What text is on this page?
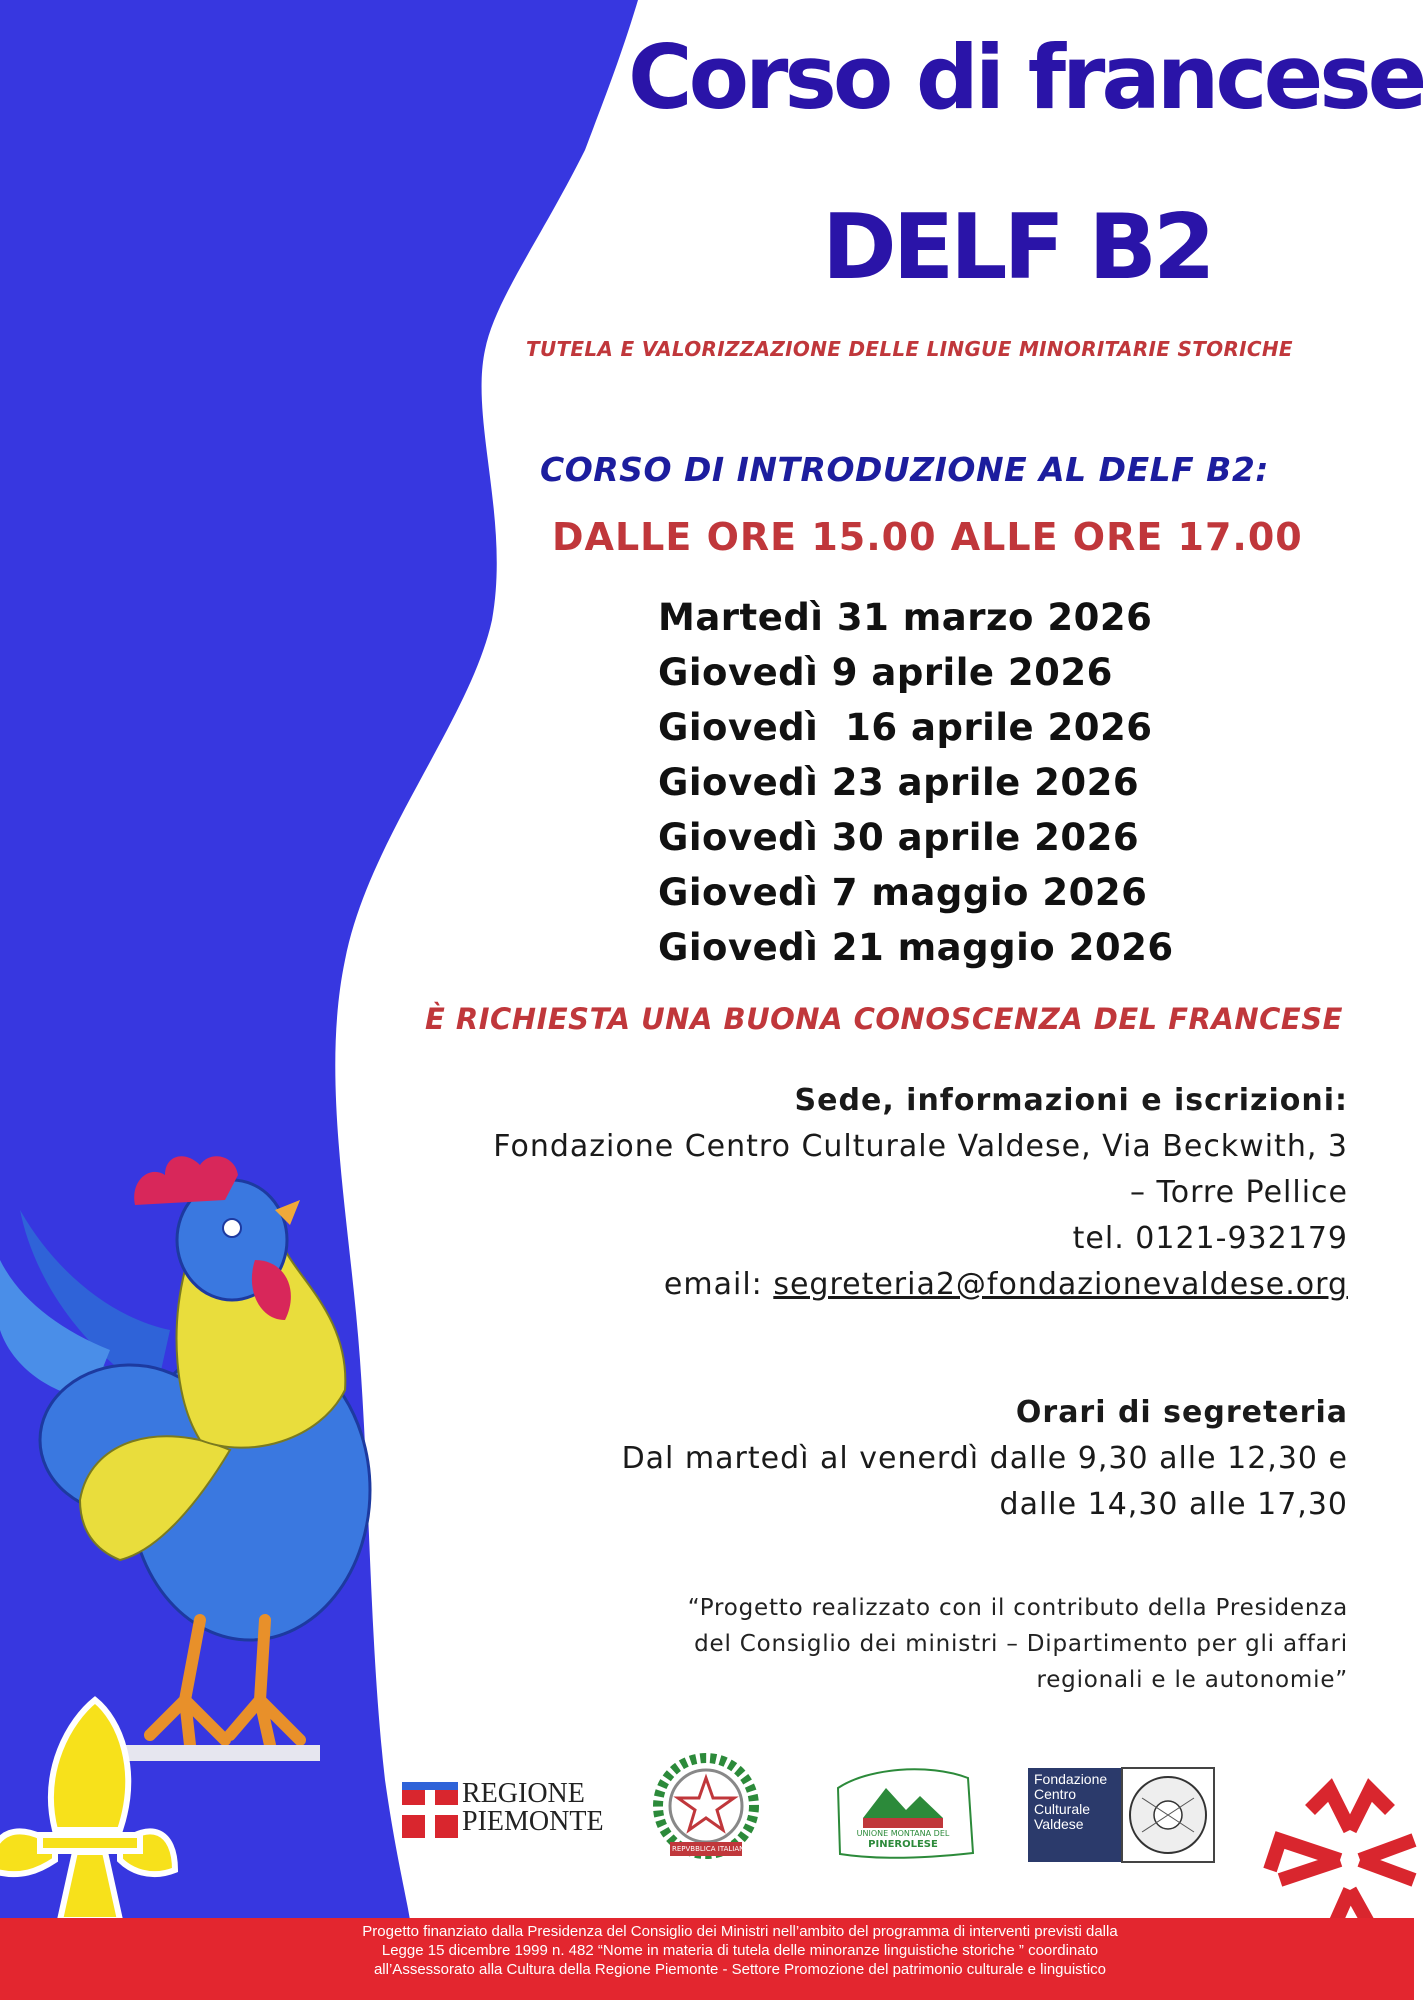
Corso di francese
DELF B2
TUTELA E VALORIZZAZIONE DELLE LINGUE MINORITARIE STORICHE
CORSO DI INTRODUZIONE AL DELF B2:
DALLE ORE 15.00 ALLE ORE 17.00
Martedì 31 marzo 2026
Giovedì 9 aprile 2026
Giovedì  16 aprile 2026
Giovedì 23 aprile 2026
Giovedì 30 aprile 2026
Giovedì 7 maggio 2026
Giovedì 21 maggio 2026
È RICHIESTA UNA BUONA CONOSCENZA DEL FRANCESE
Sede, informazioni e iscrizioni:
Fondazione Centro Culturale Valdese, Via Beckwith, 3
– Torre Pellice
tel. 0121-932179
email: segreteria2@fondazionevaldese.org
Orari di segreteria
Dal martedì al venerdì dalle 9,30 alle 12,30 e
dalle 14,30 alle 17,30
“Progetto realizzato con il contributo della Presidenza
del Consiglio dei ministri – Dipartimento per gli affari
regionali e le autonomie”
REGIONE
PIEMONTE
REPVBBLICA ITALIANA
UNIONE MONTANA DEL
PINEROLESE
Fondazione
Centro
Culturale
Valdese
Progetto finanziato dalla Presidenza del Consiglio dei Ministri nell’ambito del programma di interventi previsti dalla
Legge 15 dicembre 1999 n. 482 “Nome in materia di tutela delle minoranze linguistiche storiche ” coordinato
all’Assessorato alla Cultura della Regione Piemonte - Settore Promozione del patrimonio culturale e linguistico
